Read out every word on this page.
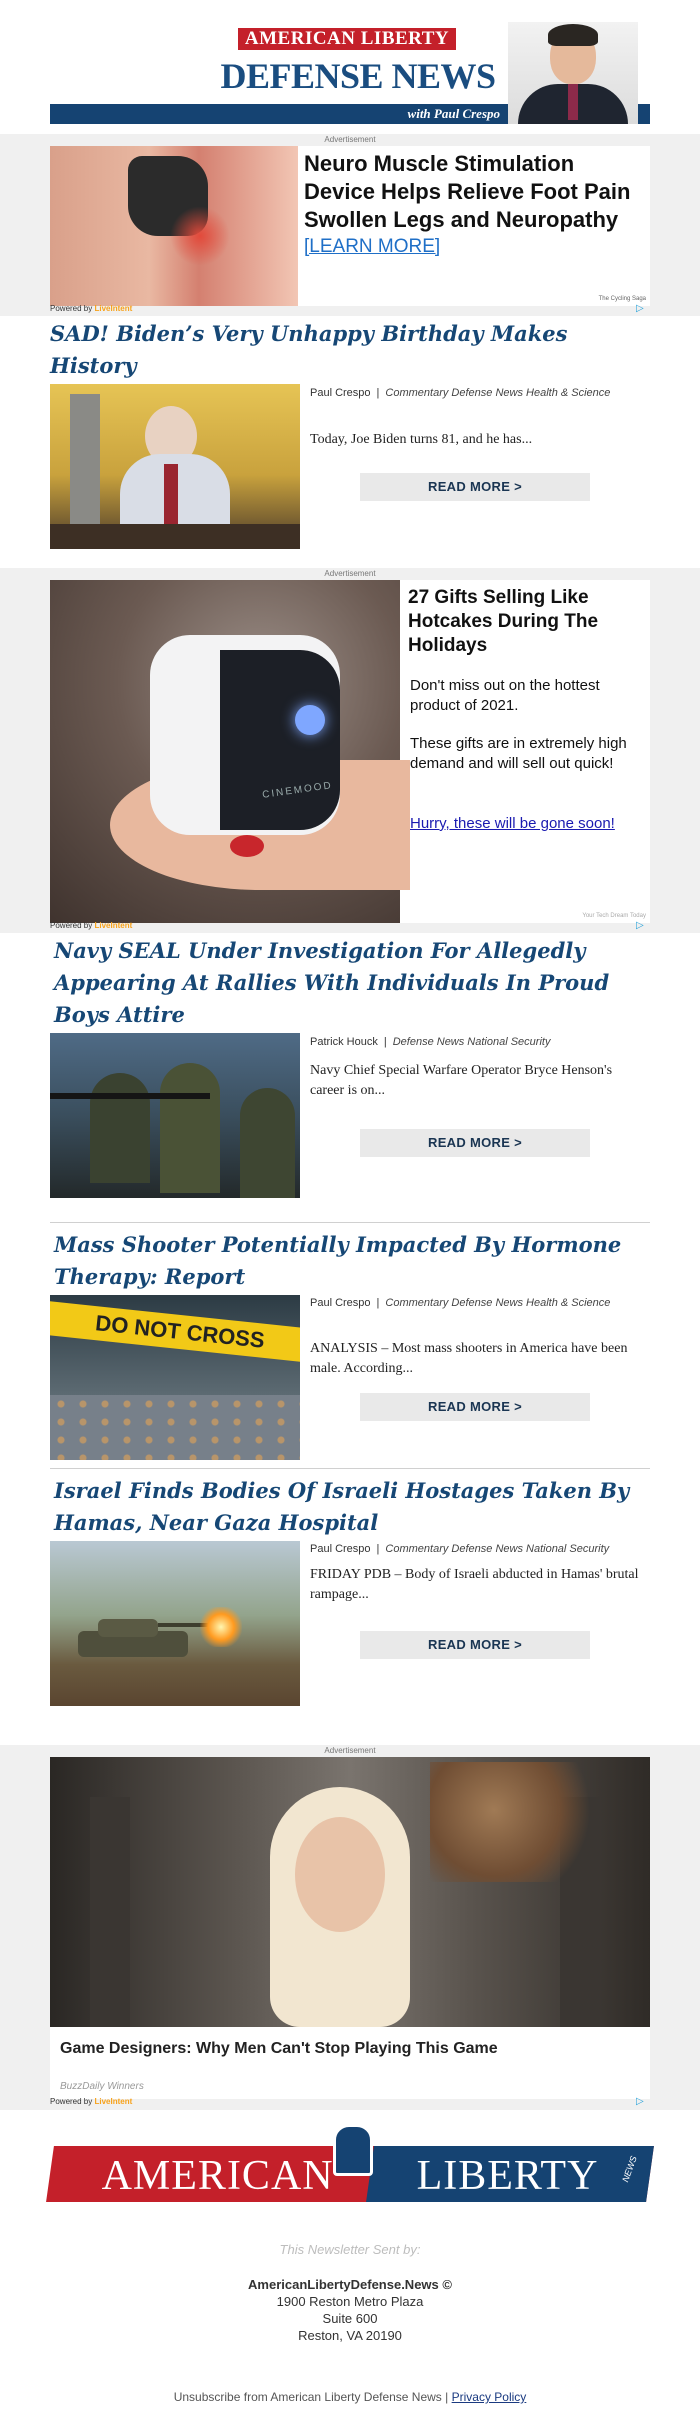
AMERICAN LIBERTY
DEFENSE NEWS
with Paul Crespo
Advertisement
Neuro Muscle Stimulation Device Helps Relieve Foot Pain Swollen Legs and Neuropathy
[LEARN MORE]
The Cycling Saga
Powered by LiveIntent	▷
SAD! Biden’s Very Unhappy Birthday Makes History
Paul Crespo | Commentary Defense News Health & Science
Today, Joe Biden turns 81, and he has...
READ MORE >
Advertisement
CINEMOOD
27 Gifts Selling Like Hotcakes During The Holidays
Don't miss out on the hottest product of 2021.
These gifts are in extremely high demand and will sell out quick!
Hurry, these will be gone soon!
Your Tech Dream Today
Powered by LiveIntent	▷
Navy SEAL Under Investigation For Allegedly Appearing At Rallies With Individuals In Proud Boys Attire
Patrick Houck | Defense News National Security
Navy Chief Special Warfare Operator Bryce Henson's career is on...
READ MORE >
Mass Shooter Potentially Impacted By Hormone Therapy: Report
DO NOT CROSS
Paul Crespo | Commentary Defense News Health & Science
ANALYSIS – Most mass shooters in America have been male. According...
READ MORE >
Israel Finds Bodies Of Israeli Hostages Taken By Hamas, Near Gaza Hospital
Paul Crespo | Commentary Defense News National Security
FRIDAY PDB – Body of Israeli abducted in Hamas' brutal rampage...
READ MORE >
Advertisement
Game Designers: Why Men Can't Stop Playing This Game
BuzzDaily Winners
Powered by LiveIntent	▷
AMERICAN LIBERTY	NEWS
This Newsletter Sent by:
AmericanLibertyDefense.News ©
1900 Reston Metro Plaza
Suite 600
Reston, VA 20190
Unsubscribe from American Liberty Defense News | Privacy Policy
